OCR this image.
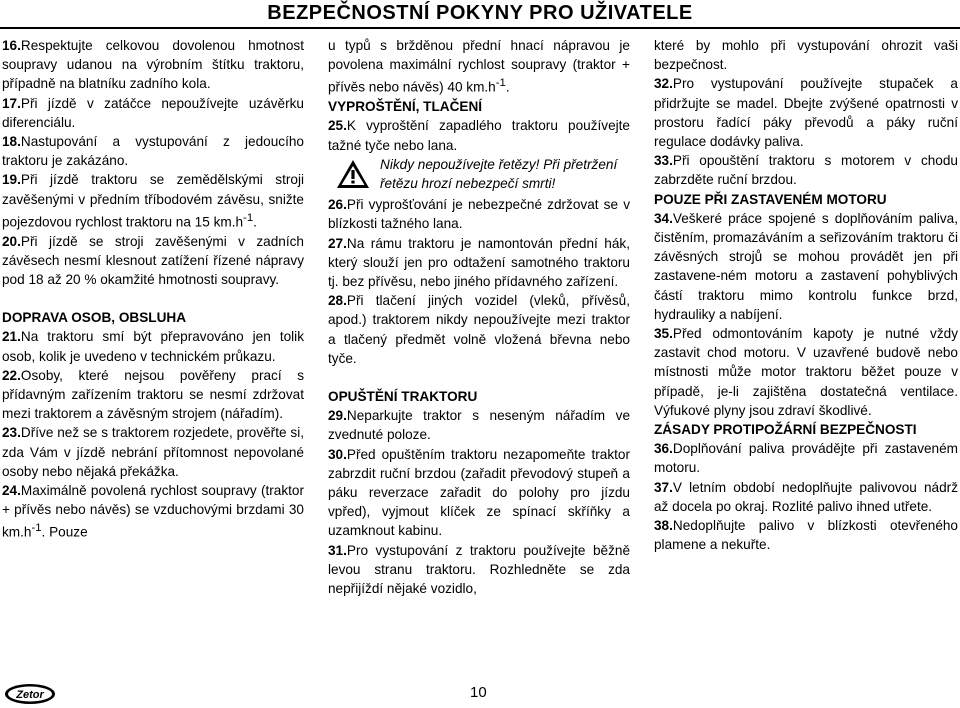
BEZPEČNOSTNÍ POKYNY PRO UŽIVATELE

16.Respektujte celkovou dovolenou hmotnost soupravy udanou na výrobním štítku traktoru, případně na blatníku zadního kola.

17.Při jízdě v zatáčce nepoužívejte uzávěrku diferenciálu.

18.Nastupování a vystupování z jedoucího traktoru je zakázáno.

19.Při jízdě traktoru se zemědělskými stroji zavěšenými v předním tříbodovém závěsu, snižte pojezdovou rychlost traktoru na 15 $km.h^{-1}$.

20.Při jízdě se stroji zavěšenými v zadních závěsech nesmí klesnout zatížení řízené nápravy pod 18 až 20 % okamžité hmotnosti soupravy.

DOPRAVA OSOB, OBSLUHA

21.Na traktoru smí být přepravováno jen tolik osob, kolik je uvedeno v technickém průkazu.

22.Osoby, které nejsou pověřeny prací s přídavným zařízením traktoru se nesmí zdržovat mezi traktorem a závěsným strojem (nářadím).

23.Dříve než se s traktorem rozjedete, prověřte si, zda Vám v jízdě nebrání přítomnost nepovolané osoby nebo nějaká překážka.

24.Maximálně povolená rychlost soupravy (traktor + přívěs nebo návěs) se vzduchovými brzdami 30 $km.h^{-1}$. Pouze

u typů s bržděnou přední hnací nápravou je povolena maximální rychlost soupravy (traktor + přívěs nebo návěs) 40 $km.h^{-1}$.

VYPROŠTĚNÍ, TLAČENÍ

25.K vyproštění zapadlého traktoru používejte tažné tyče nebo lana.

Nikdy nepoužívejte řetězy! Při přetržení řetězu hrozí nebezpečí smrti!

26.Při vyprošťování je nebezpečné zdržovat se v blízkosti tažného lana.

27.Na rámu traktoru je namontován přední hák, který slouží jen pro odtažení samotného traktoru tj. bez přívěsu, nebo jiného přídavného zařízení.

28.Při tlačení jiných vozidel (vleků, přívěsů, apod.) traktorem nikdy nepoužívejte mezi traktor a tlačený předmět volně vložená břevna nebo tyče.

OPUŠTĚNÍ TRAKTORU

29.Neparkujte traktor s neseným nářadím ve zvednuté poloze.

30.Před opuštěním traktoru nezapomeňte traktor zabrzdit ruční brzdou (zařadit převodový stupeň a páku reverzace zařadit do polohy pro jízdu vpřed), vyjmout klíček ze spínací skříňky a uzamknout kabinu.

31.Pro vystupování z traktoru používejte běžně levou stranu traktoru. Rozhledněte se zda nepřijíždí nějaké vozidlo,

které by mohlo při vystupování ohrozit vaši bezpečnost.

32.Pro vystupování používejte stupaček a přidržujte se madel. Dbejte zvýšené opatrnosti v prostoru řadící páky převodů a páky ruční regulace dodávky paliva.

33.Při opouštění traktoru s motorem v chodu zabrzděte ruční brzdou.

POUZE PŘI ZASTAVENÉM MOTORU

34.Veškeré práce spojené s doplňováním paliva, čistěním, promazáváním a seřizováním traktoru či závěsných strojů se mohou provádět jen při zastavene-ném motoru a zastavení pohyblivých částí traktoru mimo kontrolu funkce brzd, hydrauliky a nabíjení.

35.Před odmontováním kapoty je nutné vždy zastavit chod motoru. V uzavřené budově nebo místnosti může motor traktoru běžet pouze v případě, je-li zajištěna dostatečná ventilace. Výfukové plyny jsou zdraví škodlivé.

ZÁSADY PROTIPOŽÁRNÍ BEZPEČNOSTI

36.Doplňování paliva provádějte při zastaveném motoru.

37.V letním období nedoplňujte palivovou nádrž až docela po okraj. Rozlité palivo ihned utřete.

38.Nedoplňujte palivo v blízkosti otevřeného plamene a nekuřte.

Zetor	10
